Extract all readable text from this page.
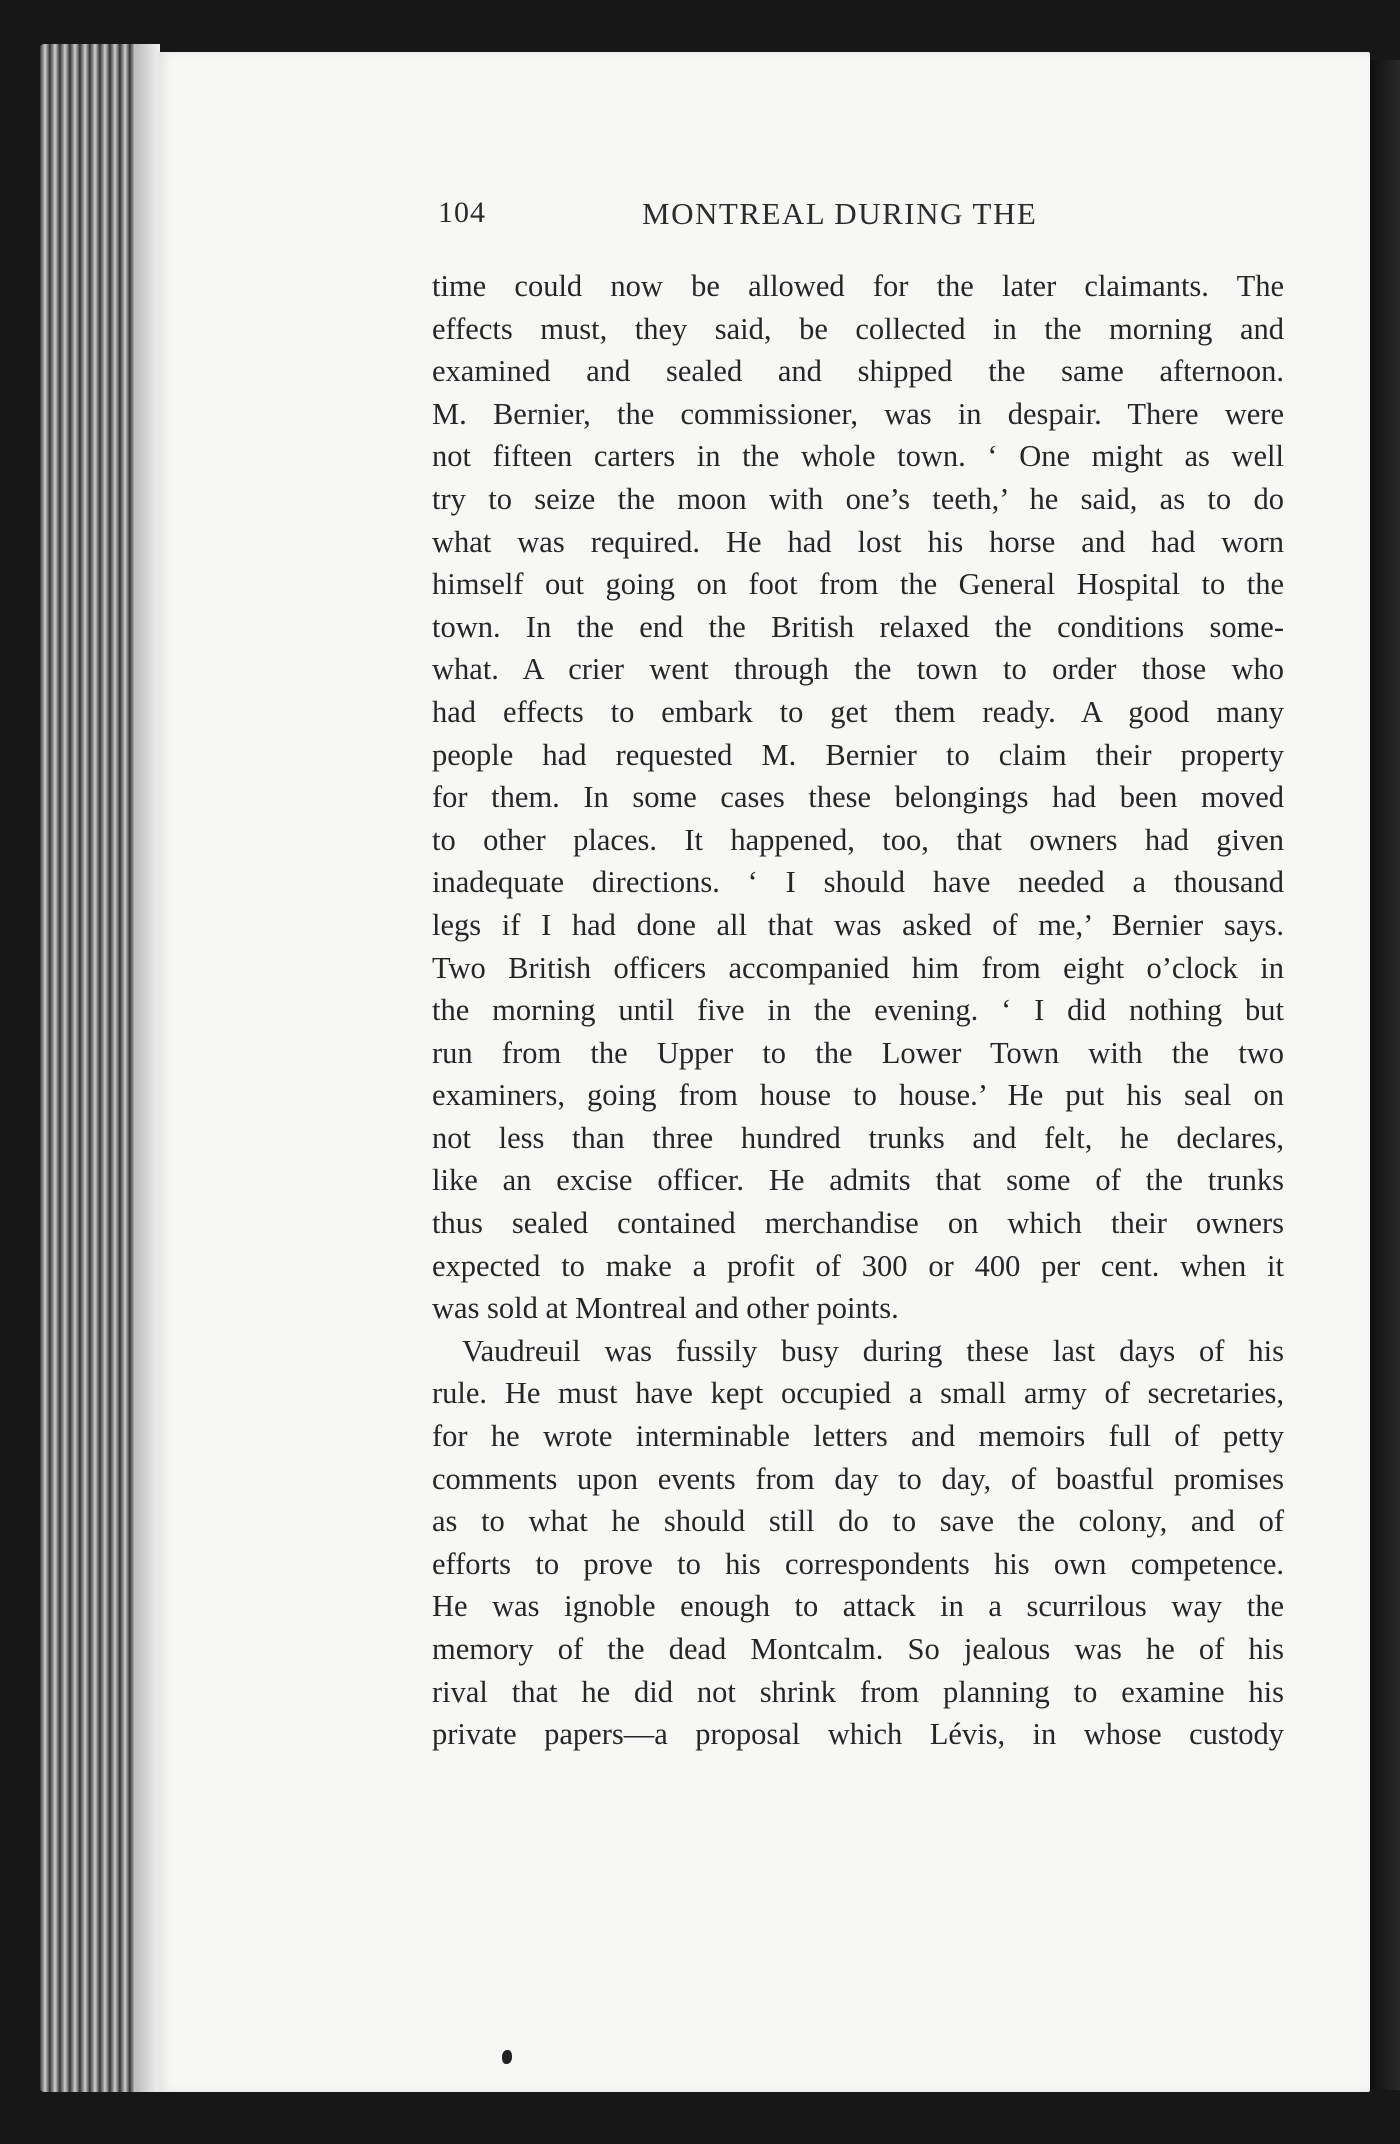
104	MONTREAL DURING THE
time could now be allowed for the later claimants. The
effects must, they said, be collected in the morning and
examined and sealed and shipped the same afternoon.
M. Bernier, the commissioner, was in despair. There were
not fifteen carters in the whole town. ‘ One might as well
try to seize the moon with one’s teeth,’ he said, as to do
what was required. He had lost his horse and had worn
himself out going on foot from the General Hospital to the
town. In the end the British relaxed the conditions some-
what. A crier went through the town to order those who
had effects to embark to get them ready. A good many
people had requested M. Bernier to claim their property
for them. In some cases these belongings had been moved
to other places. It happened, too, that owners had given
inadequate directions. ‘ I should have needed a thousand
legs if I had done all that was asked of me,’ Bernier says.
Two British officers accompanied him from eight o’clock in
the morning until five in the evening. ‘ I did nothing but
run from the Upper to the Lower Town with the two
examiners, going from house to house.’ He put his seal on
not less than three hundred trunks and felt, he declares,
like an excise officer. He admits that some of the trunks
thus sealed contained merchandise on which their owners
expected to make a profit of 300 or 400 per cent. when it
was sold at Montreal and other points.
Vaudreuil was fussily busy during these last days of his
rule. He must have kept occupied a small army of secretaries,
for he wrote interminable letters and memoirs full of petty
comments upon events from day to day, of boastful promises
as to what he should still do to save the colony, and of
efforts to prove to his correspondents his own competence.
He was ignoble enough to attack in a scurrilous way the
memory of the dead Montcalm. So jealous was he of his
rival that he did not shrink from planning to examine his
private papers—a proposal which Lévis, in whose custody
